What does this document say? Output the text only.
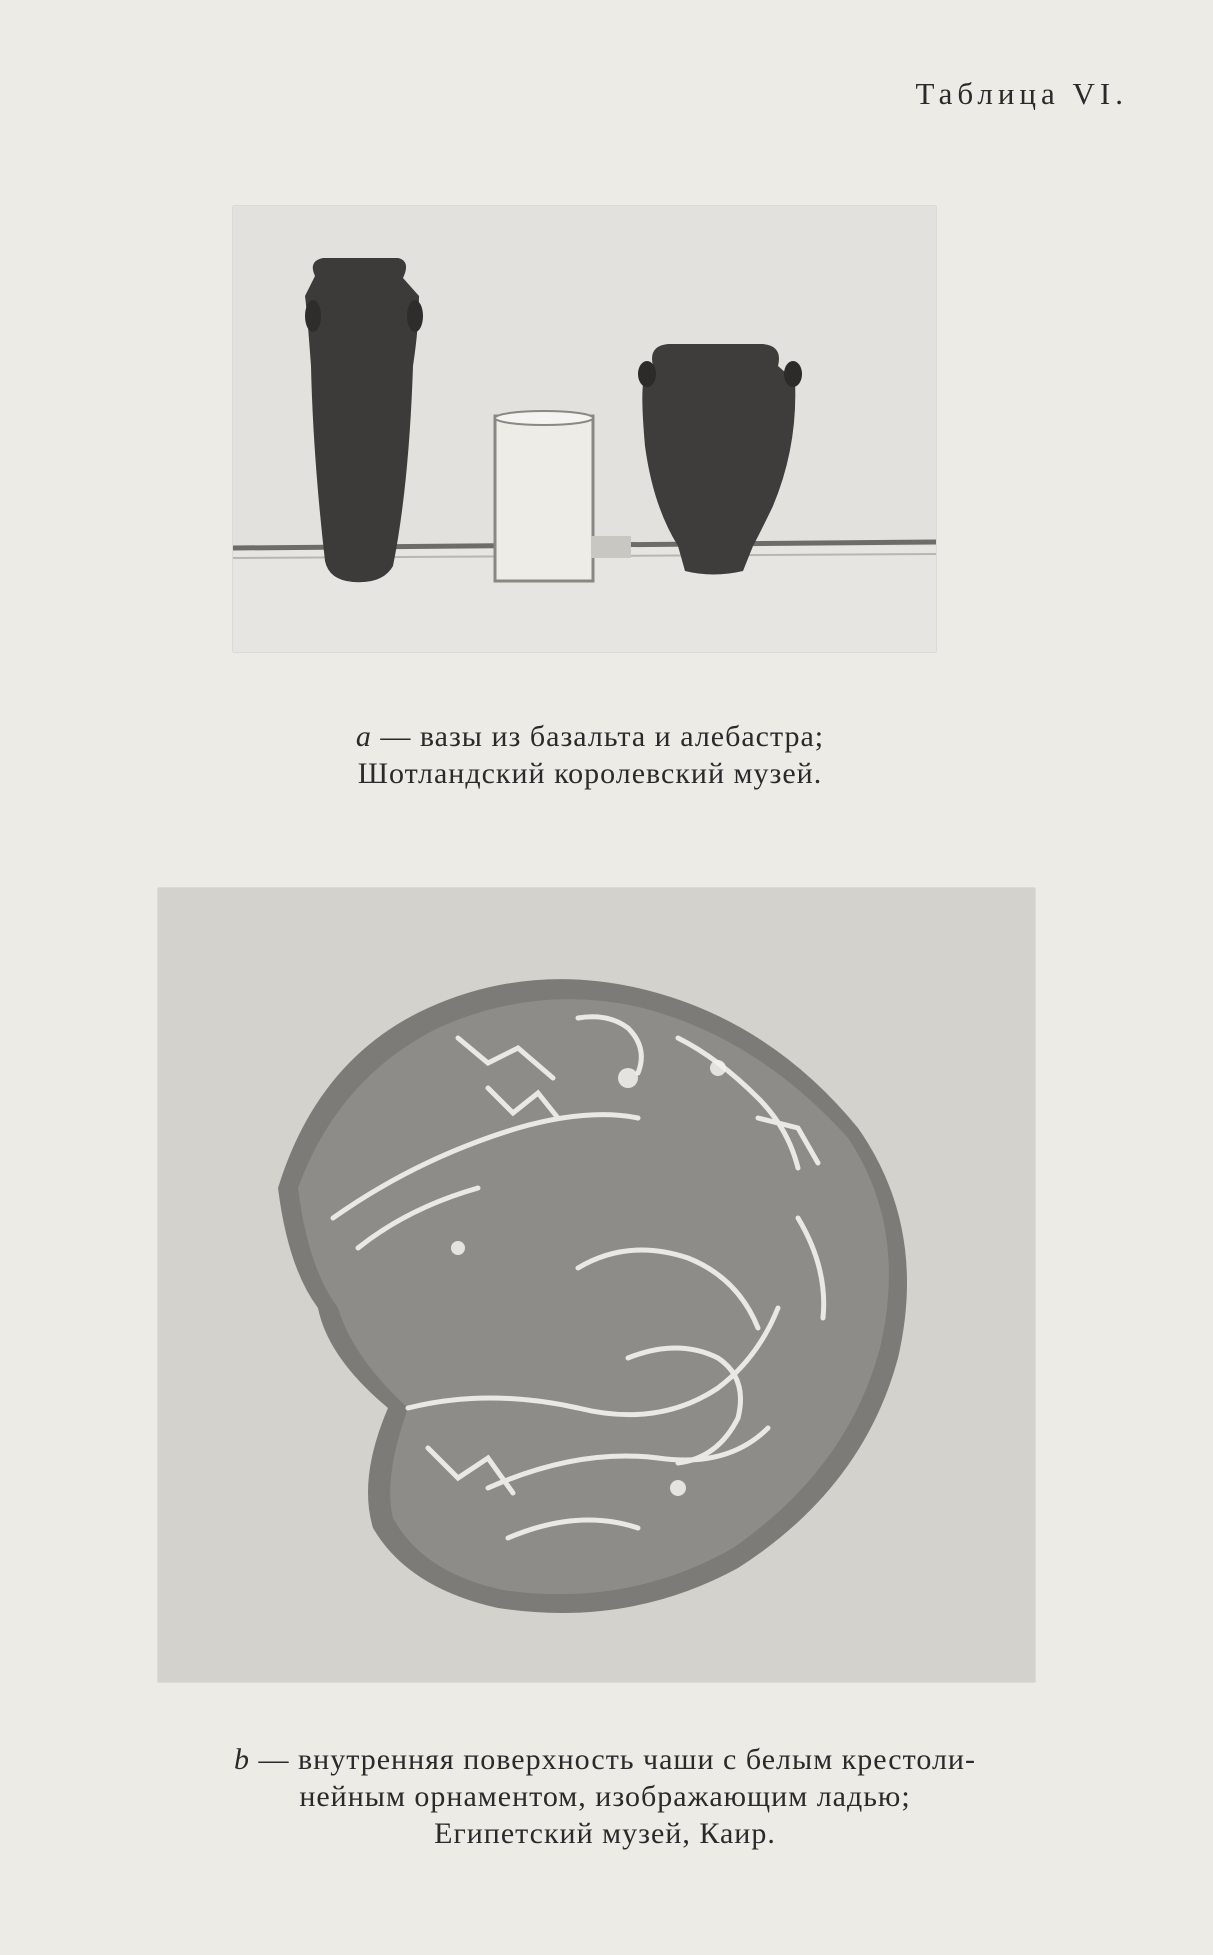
Таблица VI.
a — вазы из базальта и алебастра;
Шотландский королевский музей.
b — внутренняя поверхность чаши с белым крестоли-
нейным орнаментом, изображающим ладью;
Египетский музей, Каир.
